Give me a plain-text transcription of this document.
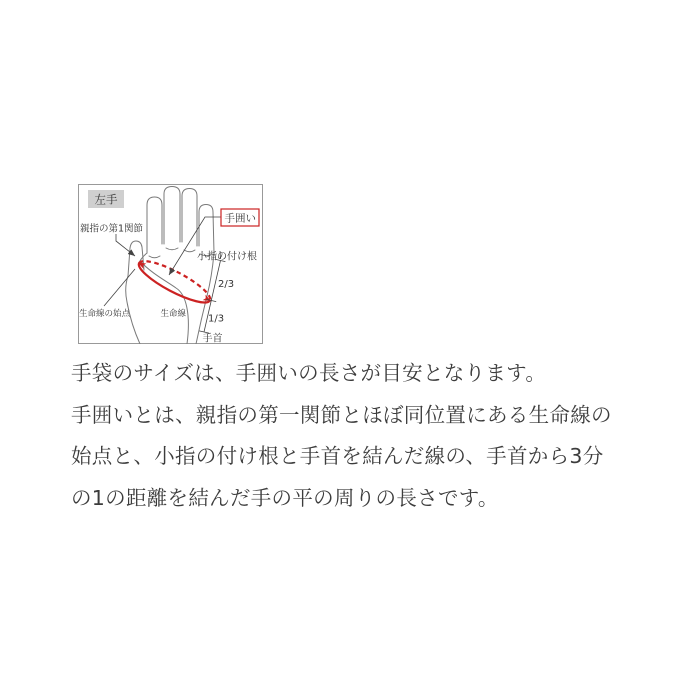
左手
手囲い
親指の第1関節
小指の付け根
2/3
1/3
手首
生命線の始点	生命線

手袋のサイズは、手囲いの長さが目安となります。

手囲いとは、親指の第一関節とほぼ同位置にある生命線の

始点と、小指の付け根と手首を結んだ線の、手首から3分

の1の距離を結んだ手の平の周りの長さです。
